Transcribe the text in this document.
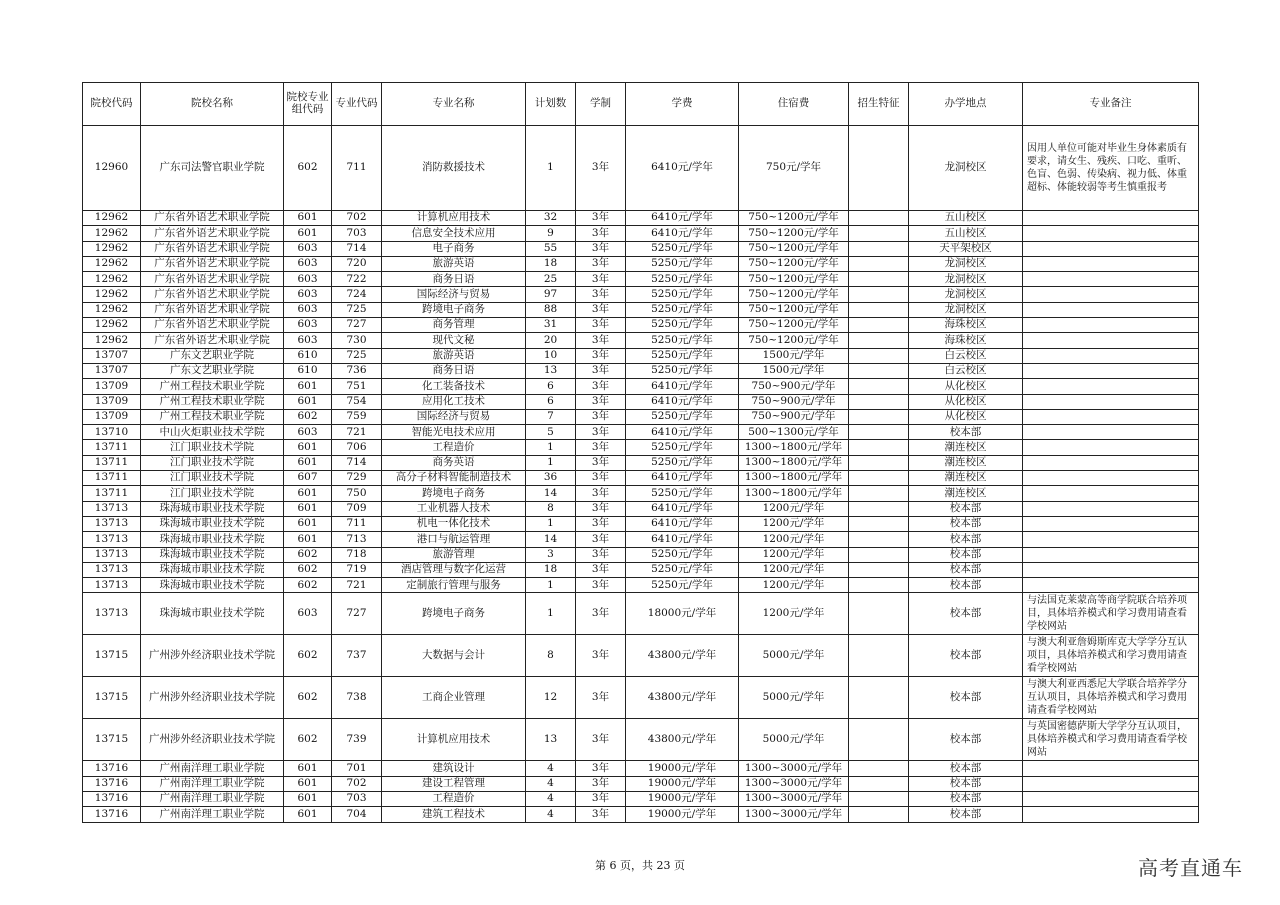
院校代码	院校名称	院校专业组代码	专业代码	专业名称	计划数	学制	学费	住宿费	招生特征	办学地点	专业备注
12960	广东司法警官职业学院	602	711	消防救援技术	1	3年	6410元/学年	750元/学年		龙洞校区	因用人单位可能对毕业生身体素质有要求，请女生、残疾、口吃、重听、色盲、色弱、传染病、视力低、体重超标、体能较弱等考生慎重报考
12962	广东省外语艺术职业学院	601	702	计算机应用技术	32	3年	6410元/学年	750~1200元/学年		五山校区	
12962	广东省外语艺术职业学院	601	703	信息安全技术应用	9	3年	6410元/学年	750~1200元/学年		五山校区	
12962	广东省外语艺术职业学院	603	714	电子商务	55	3年	5250元/学年	750~1200元/学年		天平架校区	
12962	广东省外语艺术职业学院	603	720	旅游英语	18	3年	5250元/学年	750~1200元/学年		龙洞校区	
12962	广东省外语艺术职业学院	603	722	商务日语	25	3年	5250元/学年	750~1200元/学年		龙洞校区	
12962	广东省外语艺术职业学院	603	724	国际经济与贸易	97	3年	5250元/学年	750~1200元/学年		龙洞校区	
12962	广东省外语艺术职业学院	603	725	跨境电子商务	88	3年	5250元/学年	750~1200元/学年		龙洞校区	
12962	广东省外语艺术职业学院	603	727	商务管理	31	3年	5250元/学年	750~1200元/学年		海珠校区	
12962	广东省外语艺术职业学院	603	730	现代文秘	20	3年	5250元/学年	750~1200元/学年		海珠校区	
13707	广东文艺职业学院	610	725	旅游英语	10	3年	5250元/学年	1500元/学年		白云校区	
13707	广东文艺职业学院	610	736	商务日语	13	3年	5250元/学年	1500元/学年		白云校区	
13709	广州工程技术职业学院	601	751	化工装备技术	6	3年	6410元/学年	750~900元/学年		从化校区	
13709	广州工程技术职业学院	601	754	应用化工技术	6	3年	6410元/学年	750~900元/学年		从化校区	
13709	广州工程技术职业学院	602	759	国际经济与贸易	7	3年	5250元/学年	750~900元/学年		从化校区	
13710	中山火炬职业技术学院	603	721	智能光电技术应用	5	3年	6410元/学年	500~1300元/学年		校本部	
13711	江门职业技术学院	601	706	工程造价	1	3年	5250元/学年	1300~1800元/学年		潮连校区	
13711	江门职业技术学院	601	714	商务英语	1	3年	5250元/学年	1300~1800元/学年		潮连校区	
13711	江门职业技术学院	607	729	高分子材料智能制造技术	36	3年	6410元/学年	1300~1800元/学年		潮连校区	
13711	江门职业技术学院	601	750	跨境电子商务	14	3年	5250元/学年	1300~1800元/学年		潮连校区	
13713	珠海城市职业技术学院	601	709	工业机器人技术	8	3年	6410元/学年	1200元/学年		校本部	
13713	珠海城市职业技术学院	601	711	机电一体化技术	1	3年	6410元/学年	1200元/学年		校本部	
13713	珠海城市职业技术学院	601	713	港口与航运管理	14	3年	6410元/学年	1200元/学年		校本部	
13713	珠海城市职业技术学院	602	718	旅游管理	3	3年	5250元/学年	1200元/学年		校本部	
13713	珠海城市职业技术学院	602	719	酒店管理与数字化运营	18	3年	5250元/学年	1200元/学年		校本部	
13713	珠海城市职业技术学院	602	721	定制旅行管理与服务	1	3年	5250元/学年	1200元/学年		校本部	
13713	珠海城市职业技术学院	603	727	跨境电子商务	1	3年	18000元/学年	1200元/学年		校本部	与法国克莱蒙高等商学院联合培养项目，具体培养模式和学习费用请查看学校网站
13715	广州涉外经济职业技术学院	602	737	大数据与会计	8	3年	43800元/学年	5000元/学年		校本部	与澳大利亚詹姆斯库克大学学分互认项目，具体培养模式和学习费用请查看学校网站
13715	广州涉外经济职业技术学院	602	738	工商企业管理	12	3年	43800元/学年	5000元/学年		校本部	与澳大利亚西悉尼大学联合培养学分互认项目，具体培养模式和学习费用请查看学校网站
13715	广州涉外经济职业技术学院	602	739	计算机应用技术	13	3年	43800元/学年	5000元/学年		校本部	与英国密德萨斯大学学分互认项目，具体培养模式和学习费用请查看学校网站
13716	广州南洋理工职业学院	601	701	建筑设计	4	3年	19000元/学年	1300~3000元/学年		校本部	
13716	广州南洋理工职业学院	601	702	建设工程管理	4	3年	19000元/学年	1300~3000元/学年		校本部	
13716	广州南洋理工职业学院	601	703	工程造价	4	3年	19000元/学年	1300~3000元/学年		校本部	
13716	广州南洋理工职业学院	601	704	建筑工程技术	4	3年	19000元/学年	1300~3000元/学年		校本部	
第 6 页，共 23 页	高考直通车
